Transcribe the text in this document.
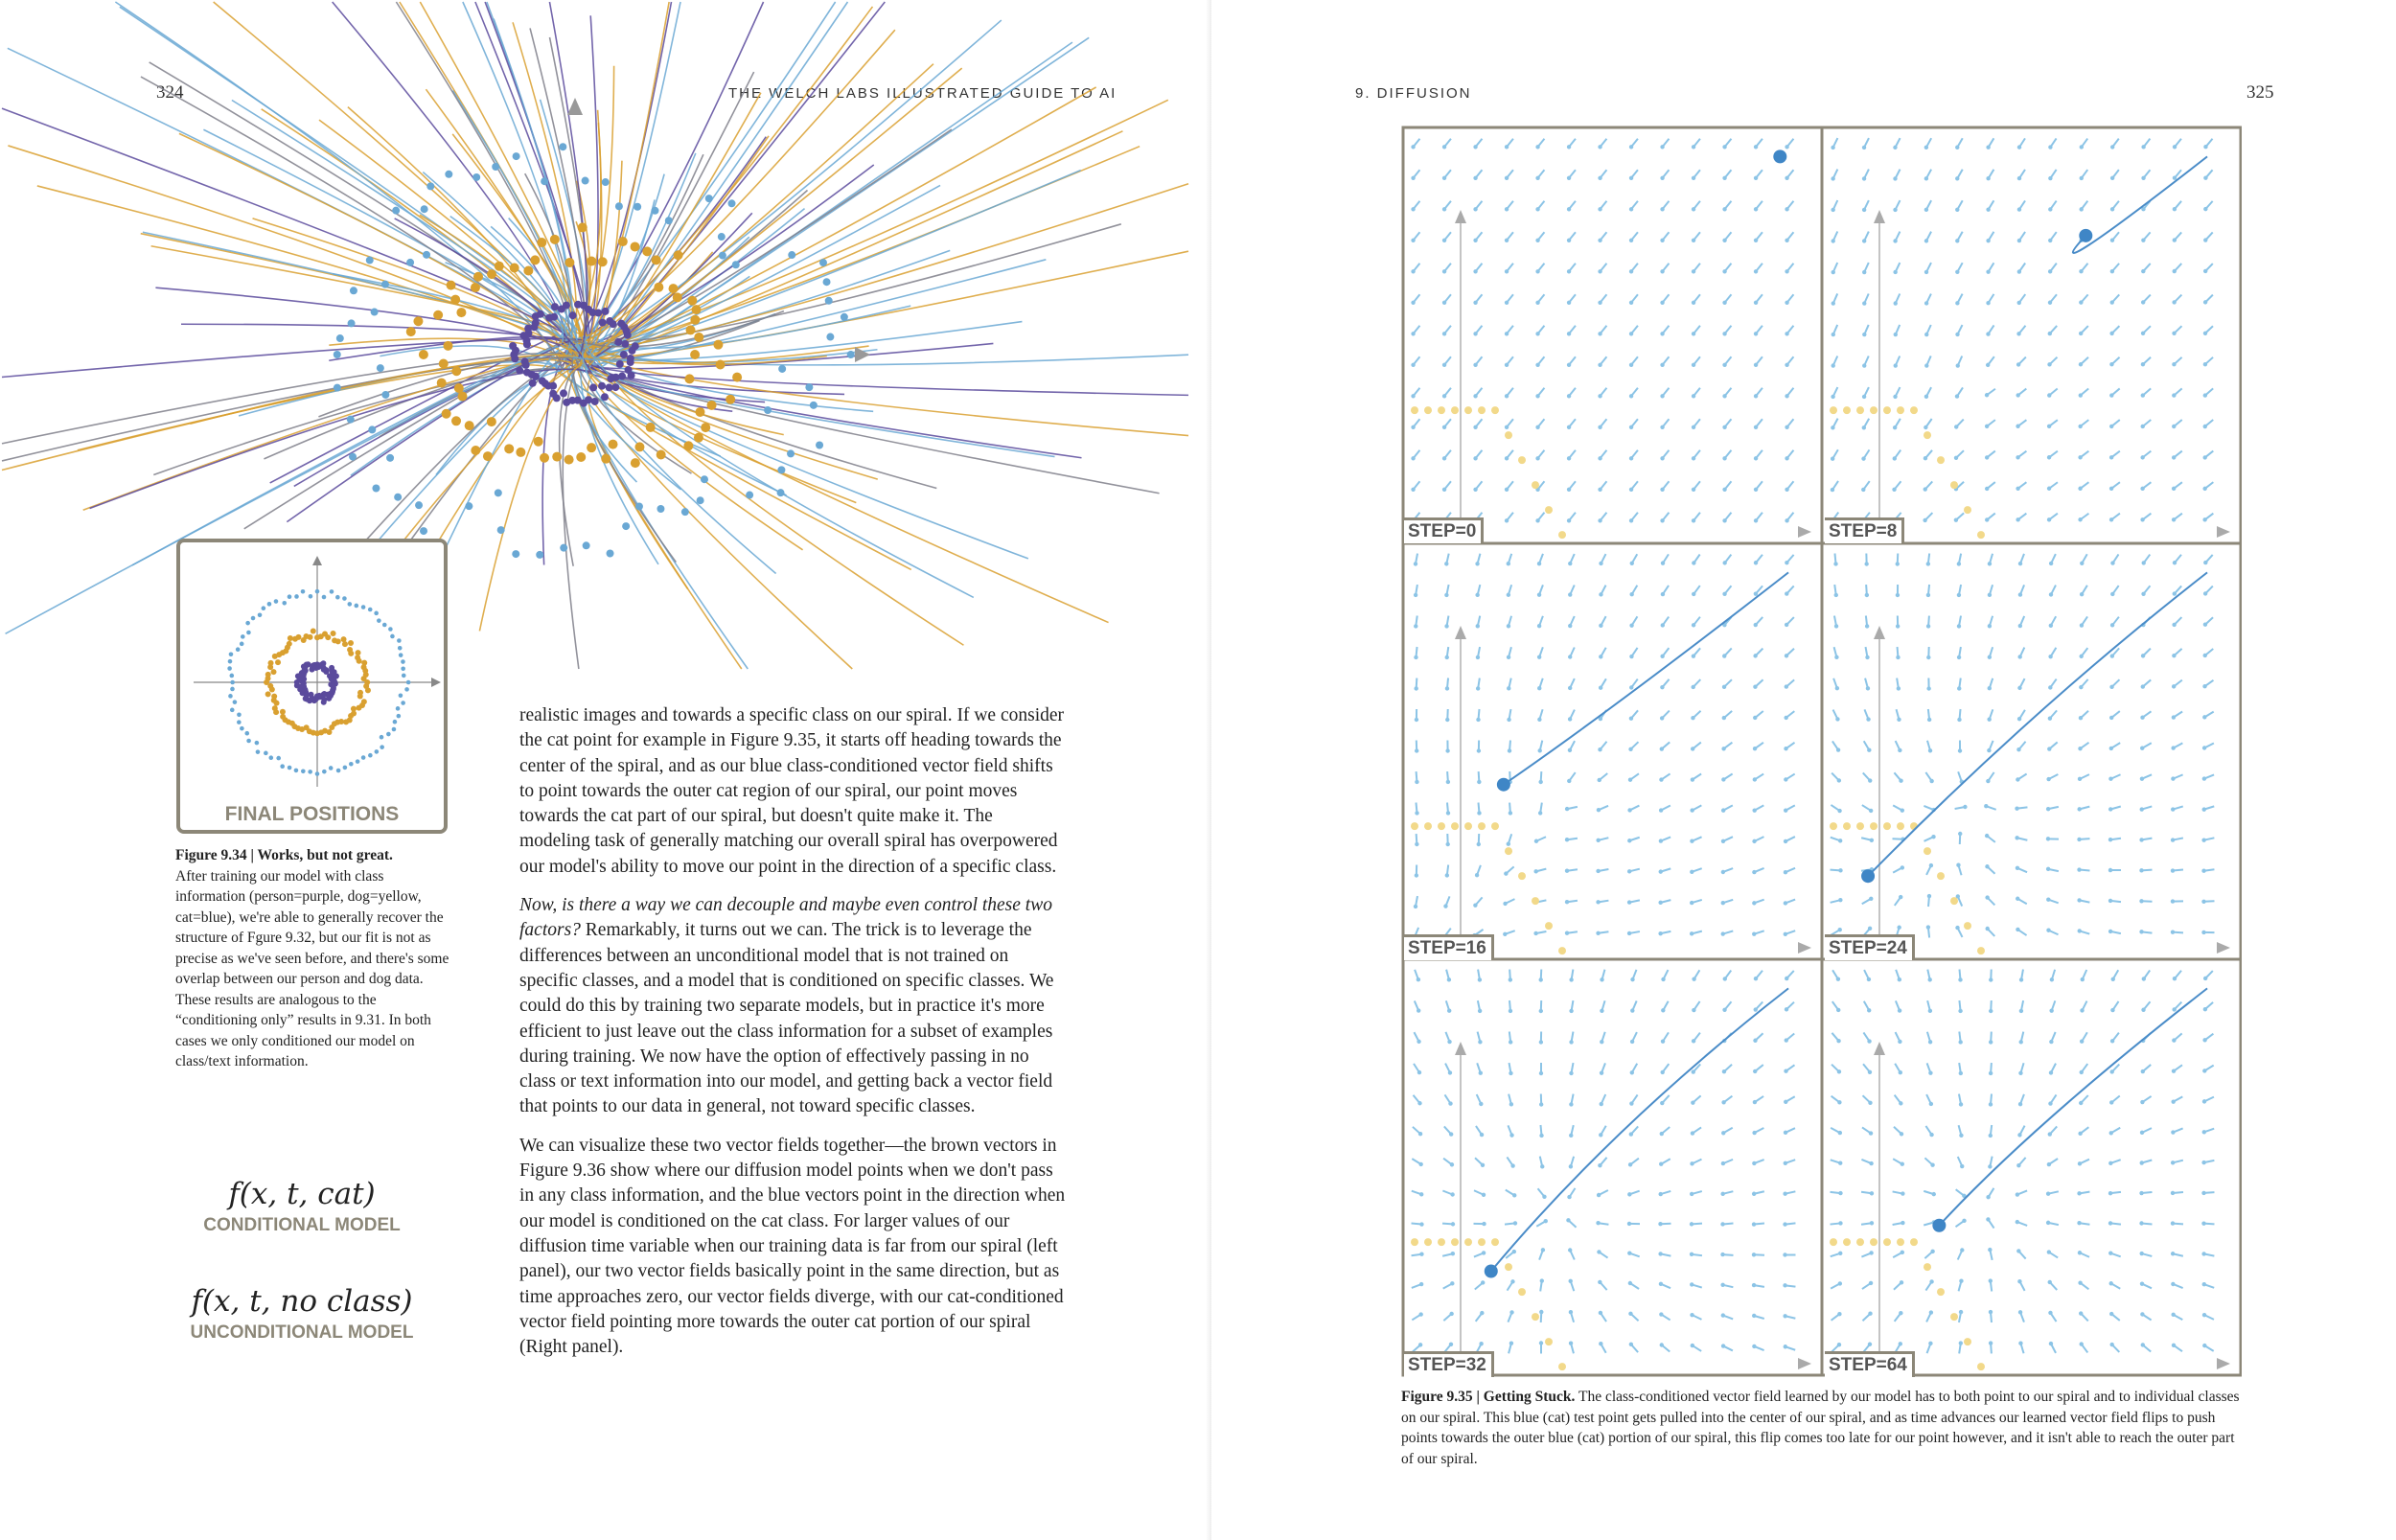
324	THE WELCH LABS ILLUSTRATED GUIDE TO AI
FINAL POSITIONS
Figure 9.34 | Works, but not great.
After training our model with class information (person=purple, dog=yellow, cat=blue), we're able to generally recover the structure of Fgure 9.32, but our fit is not as precise as we've seen before, and there's some overlap between our person and dog data. These results are analogous to the “conditioning only” results in 9.31. In both cases we only conditioned our model on class/text information.

realistic images and towards a specific class on our spiral. If we consider the cat point for example in Figure 9.35, it starts off heading towards the center of the spiral, and as our blue class-conditioned vector field shifts to point towards the outer cat region of our spiral, our point moves towards the cat part of our spiral, but doesn't quite make it. The modeling task of generally matching our overall spiral has overpowered our model's ability to move our point in the direction of a specific class.

Now, is there a way we can decouple and maybe even control these two factors? Remarkably, it turns out we can. The trick is to leverage the differences between an unconditional model that is not trained on specific classes, and a model that is conditioned on specific classes. We could do this by training two separate models, but in practice it's more efficient to just leave out the class information for a subset of examples during training. We now have the option of effectively passing in no class or text information into our model, and getting back a vector field that points to our data in general, not toward specific classes.

We can visualize these two vector fields together—the brown vectors in Figure 9.36 show where our diffusion model points when we don't pass in any class information, and the blue vectors point in the direction when our model is conditioned on the cat class. For larger values of our diffusion time variable when our training data is far from our spiral (left panel), our two vector fields basically point in the same direction, but as time approaches zero, our vector fields diverge, with our cat-conditioned vector field pointing more towards the outer cat portion of our spiral (Right panel).

f(x, t, cat)
CONDITIONAL MODEL
f(x, t, no class)
UNCONDITIONAL MODEL
9. DIFFUSION	325
STEP=0	STEP=8
STEP=16	STEP=24
STEP=32	STEP=64
Figure 9.35 | Getting Stuck. The class-conditioned vector field learned by our model has to both point to our spiral and to individual classes on our spiral. This blue (cat) test point gets pulled into the center of our spiral, and as time advances our learned vector field flips to push points towards the outer blue (cat) portion of our spiral, this flip comes too late for our point however, and it isn't able to reach the outer part of our spiral.
